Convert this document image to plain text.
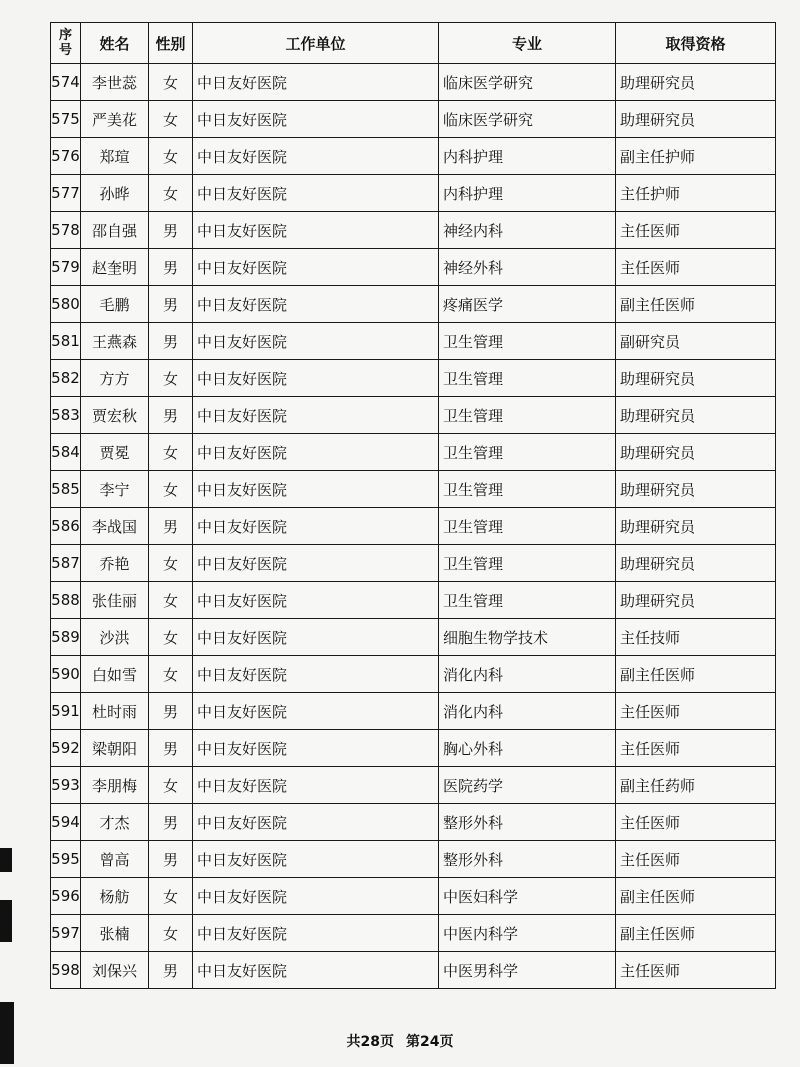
序
号	姓名	性别	工作单位	专业	取得资格
574	李世蕊	女	中日友好医院	临床医学研究	助理研究员
575	严美花	女	中日友好医院	临床医学研究	助理研究员
576	郑瑄	女	中日友好医院	内科护理	副主任护师
577	孙晔	女	中日友好医院	内科护理	主任护师
578	邵自强	男	中日友好医院	神经内科	主任医师
579	赵奎明	男	中日友好医院	神经外科	主任医师
580	毛鹏	男	中日友好医院	疼痛医学	副主任医师
581	王燕森	男	中日友好医院	卫生管理	副研究员
582	方方	女	中日友好医院	卫生管理	助理研究员
583	贾宏秋	男	中日友好医院	卫生管理	助理研究员
584	贾冕	女	中日友好医院	卫生管理	助理研究员
585	李宁	女	中日友好医院	卫生管理	助理研究员
586	李战国	男	中日友好医院	卫生管理	助理研究员
587	乔艳	女	中日友好医院	卫生管理	助理研究员
588	张佳丽	女	中日友好医院	卫生管理	助理研究员
589	沙洪	女	中日友好医院	细胞生物学技术	主任技师
590	白如雪	女	中日友好医院	消化内科	副主任医师
591	杜时雨	男	中日友好医院	消化内科	主任医师
592	梁朝阳	男	中日友好医院	胸心外科	主任医师
593	李朋梅	女	中日友好医院	医院药学	副主任药师
594	才杰	男	中日友好医院	整形外科	主任医师
595	曾高	男	中日友好医院	整形外科	主任医师
596	杨舫	女	中日友好医院	中医妇科学	副主任医师
597	张楠	女	中日友好医院	中医内科学	副主任医师
598	刘保兴	男	中日友好医院	中医男科学	主任医师
共28页 第24页
